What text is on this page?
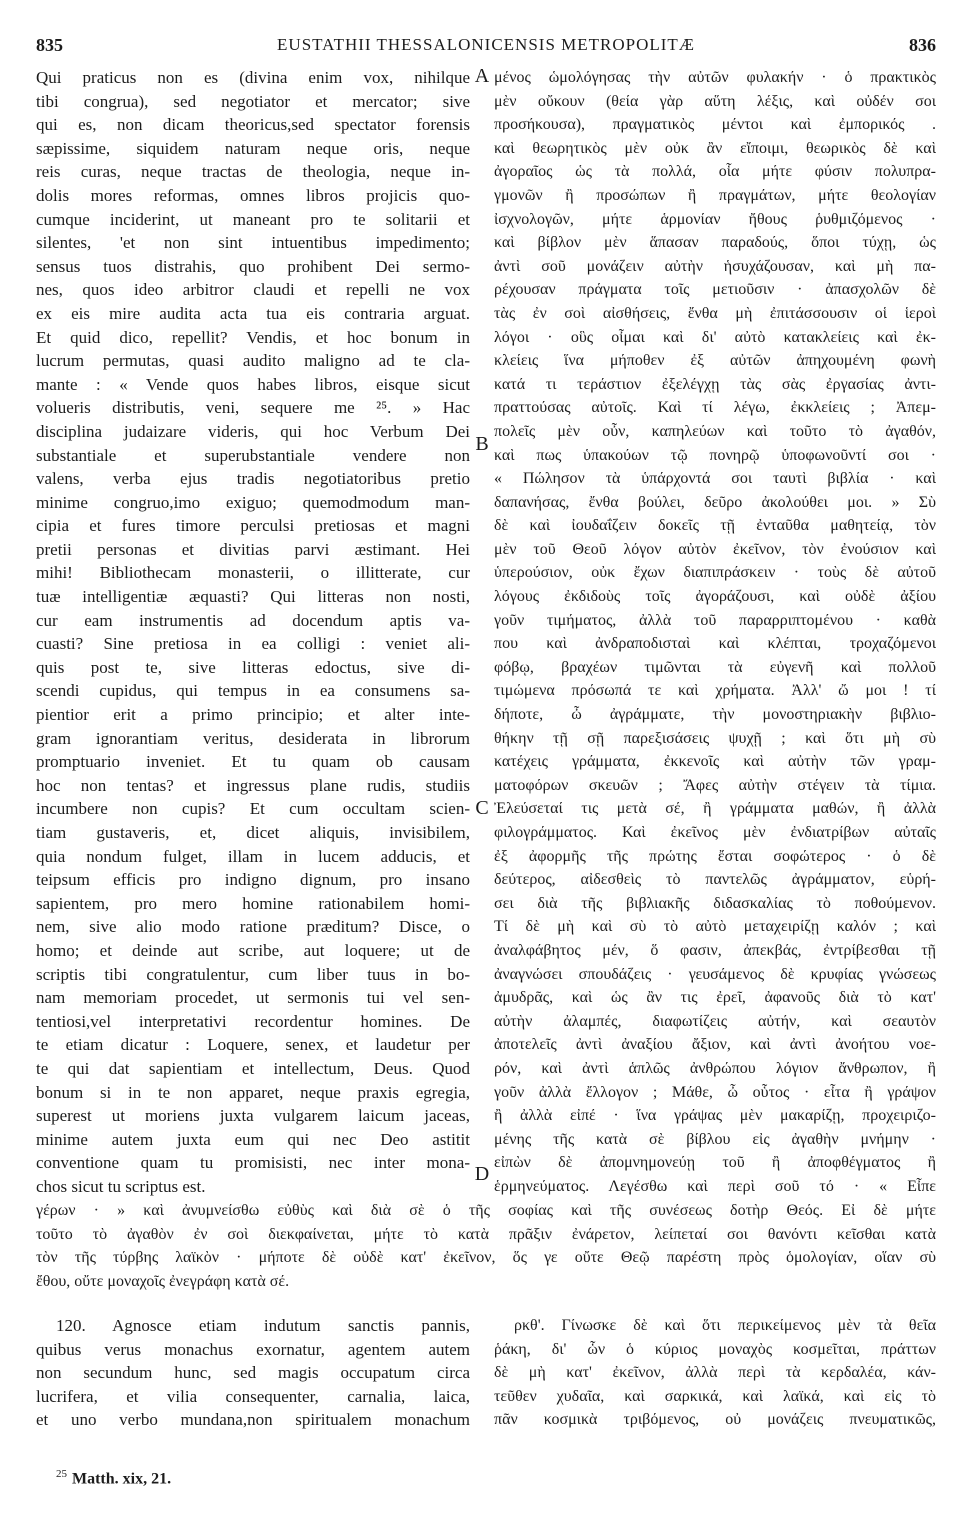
835	EUSTATHII THESSALONICENSIS METROPOLITÆ	836
Qui praticus non es (divina enim vox, nihilque
tibi congrua), sed negotiator et mercator; sive
qui es, non dicam theoricus,sed spectator forensis
sæpissime, siquidem naturam neque oris, neque
reis curas, neque tractas de theologia, neque in-
dolis mores reformas, omnes libros projicis quo-
cumque inciderint, ut maneant pro te solitarii et
silentes, 'et non sint intuentibus impedimento;
sensus tuos distrahis, quo prohibent Dei sermo-
nes, quos ideo arbitror claudi et repelli ne vox
ex eis mire audita acta tua eis contraria arguat.
Et quid dico, repellit? Vendis, et hoc bonum in
lucrum permutas, quasi audito maligno ad te cla-
mante : « Vende quos habes libros, eisque sicut
volueris distributis, veni, sequere me ²⁵. » Hac
disciplina judaizare videris, qui hoc Verbum Dei
substantiale et superubstantiale vendere non
valens, verba ejus tradis negotiatoribus pretio
minime congruo,imo exiguo; quemodmodum man-
cipia et fures timore perculsi pretiosas et magni
pretii personas et divitias parvi æstimant. Hei
mihi! Bibliothecam monasterii, o illitterate, cur
tuæ intelligentiæ æquasti? Qui litteras non nosti,
cur eam instrumentis ad docendum aptis va-
cuasti? Sine pretiosa in ea colligi : veniet ali-
quis post te, sive litteras edoctus, sive di-
scendi cupidus, qui tempus in ea consumens sa-
pientior erit a primo principio; et alter inte-
gram ignorantiam veritus, desiderata in librorum
promptuario inveniet. Et tu quam ob causam
hoc non tentas? et ingressus plane rudis, studiis
incumbere non cupis? Et cum occultam scien-
tiam gustaveris, et, dicet aliquis, invisibilem,
quia nondum fulget, illam in lucem adducis, et
teipsum efficis pro indigno dignum, pro insano
sapientem, pro mero homine rationabilem homi-
nem, sive alio modo ratione præditum? Disce, o
homo; et deinde aut scribe, aut loquere; ut de
scriptis tibi congratulentur, cum liber tuus in bo-
nam memoriam procedet, ut sermonis tui vel sen-
tentiosi,vel interpretativi recordentur homines. De
te etiam dicatur : Loquere, senex, et laudetur per
te qui dat sapientiam et intellectum, Deus. Quod
bonum si in te non apparet, neque praxis egregia,
superest ut moriens juxta vulgarem laicum jaceas,
minime autem juxta eum qui nec Deo astitit
conventione quam tu promisisti, nec inter mona-
chos sicut tu scriptus est.
μένος ὡμολόγησας τὴν αὐτῶν φυλακήν · ὁ πρακτικὸς
μὲν οὔκουν (θεία γὰρ αὕτη λέξις, καὶ οὐδέν σοι
προσήκουσα), πραγματικὸς μέντοι καὶ ἐμπορικός .
καὶ θεωρητικὸς μὲν οὐκ ἂν εἴποιμι, θεωρικὸς δὲ καὶ
ἀγοραῖος ὡς τὰ πολλά, οἷα μήτε φύσιν πολυπρα-
γμονῶν ἢ προσώπων ἢ πραγμάτων, μήτε θεολογίαν
ἰσχνολογῶν, μήτε ἁρμονίαν ἤθους ῥυθμιζόμενος ·
καὶ βίβλον μὲν ἅπασαν παραδούς, ὅποι τύχῃ, ὡς
ἀντὶ σοῦ μονάζειν αὐτὴν ἡσυχάζουσαν, καὶ μὴ πα-
ρέχουσαν πράγματα τοῖς μετιοῦσιν · ἀπασχολῶν δὲ
τὰς ἐν σοὶ αἰσθήσεις, ἔνθα μὴ ἐπιτάσσουσιν οἱ ἱεροὶ
λόγοι · οὓς οἶμαι καὶ δι' αὐτὸ κατακλείεις καὶ ἐκ-
κλείεις ἵνα μήποθεν ἐξ αὐτῶν ἀπηχουμένη φωνὴ
κατά τι τεράστιον ἐξελέγχῃ τὰς σὰς ἐργασίας ἀντι-
πραττούσας αὐτοῖς. Καὶ τί λέγω, ἐκκλείεις ; Ἀπεμ-
πολεῖς μὲν οὖν, καπηλεύων καὶ τοῦτο τὸ ἀγαθόν,
καὶ πως ὑπακούων τῷ πονηρῷ ὑποφωνοῦντί σοι ·
« Πώλησον τὰ ὑπάρχοντά σοι ταυτὶ βιβλία · καὶ
δαπανήσας, ἔνθα βούλει, δεῦρο ἀκολούθει μοι. » Σὺ
δὲ καὶ ἰουδαΐζειν δοκεῖς τῇ ἐνταῦθα μαθητείᾳ, τὸν
μὲν τοῦ Θεοῦ λόγον αὐτὸν ἐκεῖνον, τὸν ἐνούσιον καὶ
ὑπερούσιον, οὐκ ἔχων διαπιπράσκειν · τοὺς δὲ αὐτοῦ
λόγους ἐκδιδοὺς τοῖς ἀγοράζουσι, καὶ οὐδὲ ἀξίου
γοῦν τιμήματος, ἀλλὰ τοῦ παραρριπτομένου · καθὰ
που καὶ ἀνδραποδισταὶ καὶ κλέπται, τροχαζόμενοι
φόβῳ, βραχέων τιμῶνται τὰ εὐγενῆ καὶ πολλοῦ
τιμώμενα πρόσωπά τε καὶ χρήματα. Ἀλλ' ὤ μοι ! τί
δήποτε, ὦ ἀγράμματε, τὴν μονοστηριακὴν βιβλιο-
θήκην τῇ σῇ παρεξισάσεις ψυχῇ ; καὶ ὅτι μὴ σὺ
κατέχεις γράμματα, ἐκκενοῖς καὶ αὐτὴν τῶν γραμ-
ματοφόρων σκευῶν ; Ἄφες αὐτὴν στέγειν τὰ τίμια.
Ἐλεύσεταί τις μετὰ σέ, ἢ γράμματα μαθών, ἢ ἀλλὰ
φιλογράμματος. Καὶ ἐκεῖνος μὲν ἐνδιατρίβων αὐταῖς
ἐξ ἀφορμῆς τῆς πρώτης ἔσται σοφώτερος · ὁ δὲ
δεύτερος, αἰδεσθεὶς τὸ παντελῶς ἀγράμματον, εὑρή-
σει διὰ τῆς βιβλιακῆς διδασκαλίας τὸ ποθούμενον.
Τί δὲ μὴ καὶ σὺ τὸ αὐτὸ μεταχειρίζῃ καλόν ; καὶ
ἀναλφάβητος μέν, ὅ φασιν, ἀπεκβάς, ἐντρίβεσθαι τῇ
ἀναγνώσει σπουδάζεις · γευσάμενος δὲ κρυφίας γνώσεως
ἀμυδρᾶς, καὶ ὡς ἂν τις ἐρεῖ, ἀφανοῦς διὰ τὸ κατ'
αὐτὴν ἀλαμπές, διαφωτίζεις αὐτήν, καὶ σεαυτὸν
ἀποτελεῖς ἀντὶ ἀναξίου ἄξιον, καὶ ἀντὶ ἀνοήτου νοε-
ρόν, καὶ ἀντὶ ἁπλῶς ἀνθρώπου λόγιον ἄνθρωπον, ἢ
γοῦν ἀλλὰ ἔλλογον ; Μάθε, ὦ οὗτος · εἶτα ἢ γράψον
ἢ ἀλλὰ εἰπέ · ἵνα γράψας μὲν μακαρίζῃ, προχειριζο-
μένης τῆς κατὰ σὲ βίβλου εἰς ἀγαθὴν μνήμην ·
εἰπὼν δὲ ἀπομνημονεύῃ τοῦ ἢ ἀποφθέγματος ἢ
ἑρμηνεύματος. Λεγέσθω καὶ περὶ σοῦ τό · « Εἶπε
A
B
C
D
γέρων · » καὶ ἀνυμνείσθω εὐθὺς καὶ διὰ σὲ ὁ τῆς σοφίας καὶ τῆς συνέσεως δοτὴρ Θεός. Εἰ δὲ μήτε
τοῦτο τὸ ἀγαθὸν ἐν σοὶ διεκφαίνεται, μήτε τὸ κατὰ πρᾶξιν ἐνάρετον, λείπεταί σοι θανόντι κεῖσθαι κατὰ
τὸν τῆς τύρβης λαϊκὸν · μήποτε δὲ οὐδὲ κατ' ἐκεῖνον, ὅς γε οὔτε Θεῷ παρέστη πρὸς ὁμολογίαν, οἵαν σὺ
ἔθου, οὔτε μοναχοῖς ἐνεγράφη κατὰ σέ.
120. Agnosce etiam indutum sanctis pannis,
quibus verus monachus exornatur, agentem autem
non secundum hunc, sed magis occupatum circa
lucrifera, et vilia consequenter, carnalia, laica,
et uno verbo mundana,non spiritualem monachum
ρκθ'. Γίνωσκε δὲ καὶ ὅτι περικείμενος μὲν τὰ θεῖα
ῥάκη, δι' ὧν ὁ κύριος μοναχὸς κοσμεῖται, πράττων
δὲ μὴ κατ' ἐκεῖνον, ἀλλὰ περὶ τὰ κερδαλέα, κάν-
τεῦθεν χυδαῖα, καὶ σαρκικά, καὶ λαϊκά, καὶ εἰς τὸ
πᾶν κοσμικὰ τριβόμενος, οὐ μονάζεις πνευματικῶς,
$^{25}$ Matth. xix, 21.
